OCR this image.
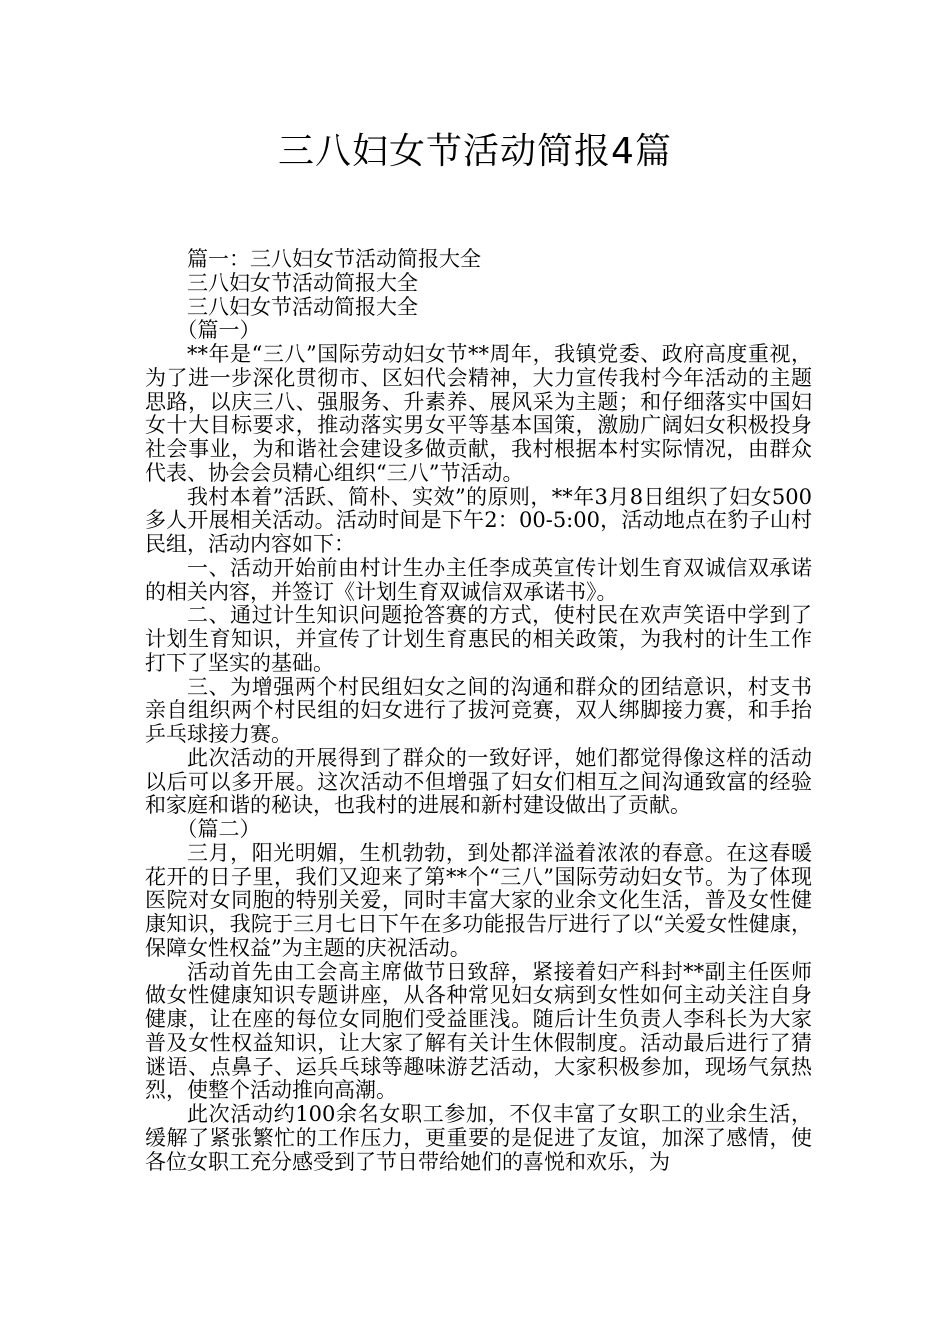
三八妇女节活动简报4篇

篇一：三八妇女节活动简报大全

三八妇女节活动简报大全

三八妇女节活动简报大全

（篇一）

**年是“三八”国际劳动妇女节**周年，我镇党委、政府高度重视，为了进一步深化贯彻市、区妇代会精神，大力宣传我村今年活动的主题思路，以庆三八、强服务、升素养、展风采为主题；和仔细落实中国妇女十大目标要求，推动落实男女平等基本国策，激励广阔妇女积极投身社会事业，为和谐社会建设多做贡献，我村根据本村实际情况，由群众代表、协会会员精心组织“三八”节活动。

我村本着”活跃、简朴、实效”的原则，**年3月8日组织了妇女500多人开展相关活动。活动时间是下午2：00-5:00，活动地点在豹子山村民组，活动内容如下：

一、活动开始前由村计生办主任李成英宣传计划生育双诚信双承诺的相关内容，并签订《计划生育双诚信双承诺书》。

二、通过计生知识问题抢答赛的方式，使村民在欢声笑语中学到了计划生育知识，并宣传了计划生育惠民的相关政策，为我村的计生工作打下了坚实的基础。

三、为增强两个村民组妇女之间的沟通和群众的团结意识，村支书亲自组织两个村民组的妇女进行了拔河竞赛，双人绑脚接力赛，和手抬乒乓球接力赛。

此次活动的开展得到了群众的一致好评，她们都觉得像这样的活动以后可以多开展。这次活动不但增强了妇女们相互之间沟通致富的经验和家庭和谐的秘诀，也我村的进展和新村建设做出了贡献。

（篇二）

三月，阳光明媚，生机勃勃，到处都洋溢着浓浓的春意。在这春暖花开的日子里，我们又迎来了第**个“三八”国际劳动妇女节。为了体现医院对女同胞的特别关爱，同时丰富大家的业余文化生活，普及女性健康知识，我院于三月七日下午在多功能报告厅进行了以“关爱女性健康，保障女性权益”为主题的庆祝活动。

活动首先由工会高主席做节日致辞，紧接着妇产科封**副主任医师做女性健康知识专题讲座，从各种常见妇女病到女性如何主动关注自身健康，让在座的每位女同胞们受益匪浅。随后计生负责人李科长为大家普及女性权益知识，让大家了解有关计生休假制度。活动最后进行了猜谜语、点鼻子、运兵乓球等趣味游艺活动，大家积极参加，现场气氛热烈，使整个活动推向高潮。

此次活动约100余名女职工参加，不仅丰富了女职工的业余生活，缓解了紧张繁忙的工作压力，更重要的是促进了友谊，加深了感情，使各位女职工充分感受到了节日带给她们的喜悦和欢乐，为
